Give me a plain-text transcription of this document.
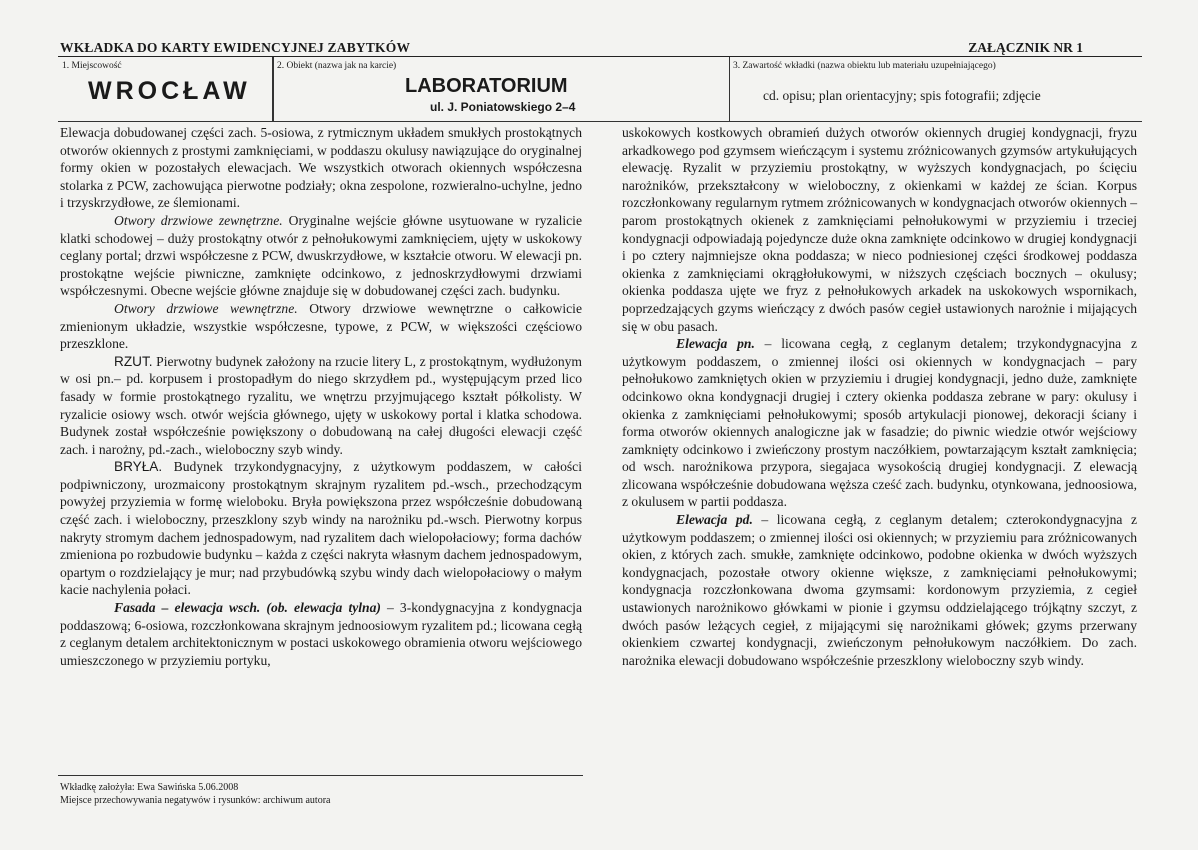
WKŁADKA DO KARTY EWIDENCYJNEJ ZABYTKÓW	ZAŁĄCZNIK NR 1
1. Miejscowość
WROCŁAW
2. Obiekt (nazwa jak na karcie)
LABORATORIUM
ul. J. Poniatowskiego 2–4
3. Zawartość wkładki (nazwa obiektu lub materiału uzupełniającego)
cd. opisu; plan orientacyjny; spis fotografii; zdjęcie

Elewacja dobudowanej części zach. 5-osiowa, z rytmicznym układem smukłych prostokątnych otworów okiennych z prostymi zamknięciami, w poddaszu okulusy nawiązujące do oryginalnej formy okien w pozostałych elewacjach. We wszystkich otworach okiennych współczesna stolarka z PCW, zachowująca pierwotne podziały; okna zespolone, rozwieralno-uchylne, jedno i trzyskrzydłowe, ze ślemionami.

Otwory drzwiowe zewnętrzne. Oryginalne wejście główne usytuowane w ryzalicie klatki schodowej – duży prostokątny otwór z pełnołukowymi zamknięciem, ujęty w uskokowy ceglany portal; drzwi współczesne z PCW, dwuskrzydłowe, w kształcie otworu. W elewacji pn. prostokątne wejście piwniczne, zamknięte odcinkowo, z jednoskrzydłowymi drzwiami współczesnymi. Obecne wejście główne znajduje się w dobudowanej części zach. budynku.

Otwory drzwiowe wewnętrzne. Otwory drzwiowe wewnętrzne o całkowicie zmienionym układzie, wszystkie współczesne, typowe, z PCW, w większości częściowo przeszklone.

RZUT. Pierwotny budynek założony na rzucie litery L, z prostokątnym, wydłużonym w osi pn.– pd. korpusem i prostopadłym do niego skrzydłem pd., występującym przed lico fasady w formie prostokątnego ryzalitu, we wnętrzu przyjmującego kształt półkolisty. W ryzalicie osiowy wsch. otwór wejścia głównego, ujęty w uskokowy portal i klatka schodowa. Budynek został współcześnie powiększony o dobudowaną na całej długości elewacji część zach. i narożny, pd.-zach., wieloboczny szyb windy.

BRYŁA. Budynek trzykondygnacyjny, z użytkowym poddaszem, w całości podpiwniczony, urozmaicony prostokątnym skrajnym ryzalitem pd.-wsch., przechodzącym powyżej przyziemia w formę wieloboku. Bryła powiększona przez współcześnie dobudowaną część zach. i wieloboczny, przeszklony szyb windy na narożniku pd.-wsch. Pierwotny korpus nakryty stromym dachem jednospadowym, nad ryzalitem dach wielopołaciowy; forma dachów zmieniona po rozbudowie budynku – każda z części nakryta własnym dachem jednospadowym, opartym o rozdzielający je mur; nad przybudówką szybu windy dach wielopołaciowy o małym kacie nachylenia połaci.

Fasada – elewacja wsch. (ob. elewacja tylna) – 3-kondygnacyjna z kondygnacja poddaszową; 6-osiowa, rozczłonkowana skrajnym jednoosiowym ryzalitem pd.; licowana cegłą z ceglanym detalem architektonicznym w postaci uskokowego obramienia otworu wejściowego umieszczonego w przyziemiu portyku,

uskokowych kostkowych obramień dużych otworów okiennych drugiej kondygnacji, fryzu arkadkowego pod gzymsem wieńczącym i systemu zróżnicowanych gzymsów artykułujących elewację. Ryzalit w przyziemiu prostokątny, w wyższych kondygnacjach, po ścięciu narożników, przekształcony w wieloboczny, z okienkami w każdej ze ścian. Korpus rozczłonkowany regularnym rytmem zróżnicowanych w kondygnacjach otworów okiennych – parom prostokątnych okienek z zamknięciami pełnołukowymi w przyziemiu i trzeciej kondygnacji odpowiadają pojedyncze duże okna zamknięte odcinkowo w drugiej kondygnacji i po cztery najmniejsze okna poddasza; w nieco podniesionej części środkowej poddasza okienka z zamknięciami okrągłołukowymi, w niższych częściach bocznych – okulusy; okienka poddasza ujęte we fryz z pełnołukowych arkadek na uskokowych wspornikach, poprzedzających gzyms wieńczący z dwóch pasów cegieł ustawionych narożnie i mijających się w obu pasach.

Elewacja pn. – licowana cegłą, z ceglanym detalem; trzykondygnacyjna z użytkowym poddaszem, o zmiennej ilości osi okiennych w kondygnacjach – pary pełnołukowo zamkniętych okien w przyziemiu i drugiej kondygnacji, jedno duże, zamknięte odcinkowo okna kondygnacji drugiej i cztery okienka poddasza zebrane w pary: okulusy i okienka z zamknięciami pełnołukowymi; sposób artykulacji pionowej, dekoracji ściany i forma otworów okiennych analogiczne jak w fasadzie; do piwnic wiedzie otwór wejściowy zamknięty odcinkowo i zwieńczony prostym naczółkiem, powtarzającym kształt zamknięcia; od wsch. narożnikowa przypora, siegajaca wysokością drugiej kondygnacji. Z elewacją zlicowana współcześnie dobudowana węższa cześć zach. budynku, otynkowana, jednoosiowa, z okulusem w partii poddasza.

Elewacja pd. – licowana cegłą, z ceglanym detalem; czterokondygnacyjna z użytkowym poddaszem; o zmiennej ilości osi okiennych; w przyziemiu para zróżnicowanych okien, z których zach. smukłe, zamknięte odcinkowo, podobne okienka w dwóch wyższych kondygnacjach, pozostałe otwory okienne większe, z zamknięciami pełnołukowymi; kondygnacja rozczłonkowana dwoma gzymsami: kordonowym przyziemia, z cegieł ustawionych narożnikowo główkami w pionie i gzymsu oddzielającego trójkątny szczyt, z dwóch pasów leżących cegieł, z mijającymi się narożnikami główek; gzyms przerwany okienkiem czwartej kondygnacji, zwieńczonym pełnołukowym naczółkiem. Do zach. narożnika elewacji dobudowano współcześnie przeszklony wieloboczny szyb windy.

Wkładkę założyła: Ewa Sawińska 5.06.2008
Miejsce przechowywania negatywów i rysunków: archiwum autora
